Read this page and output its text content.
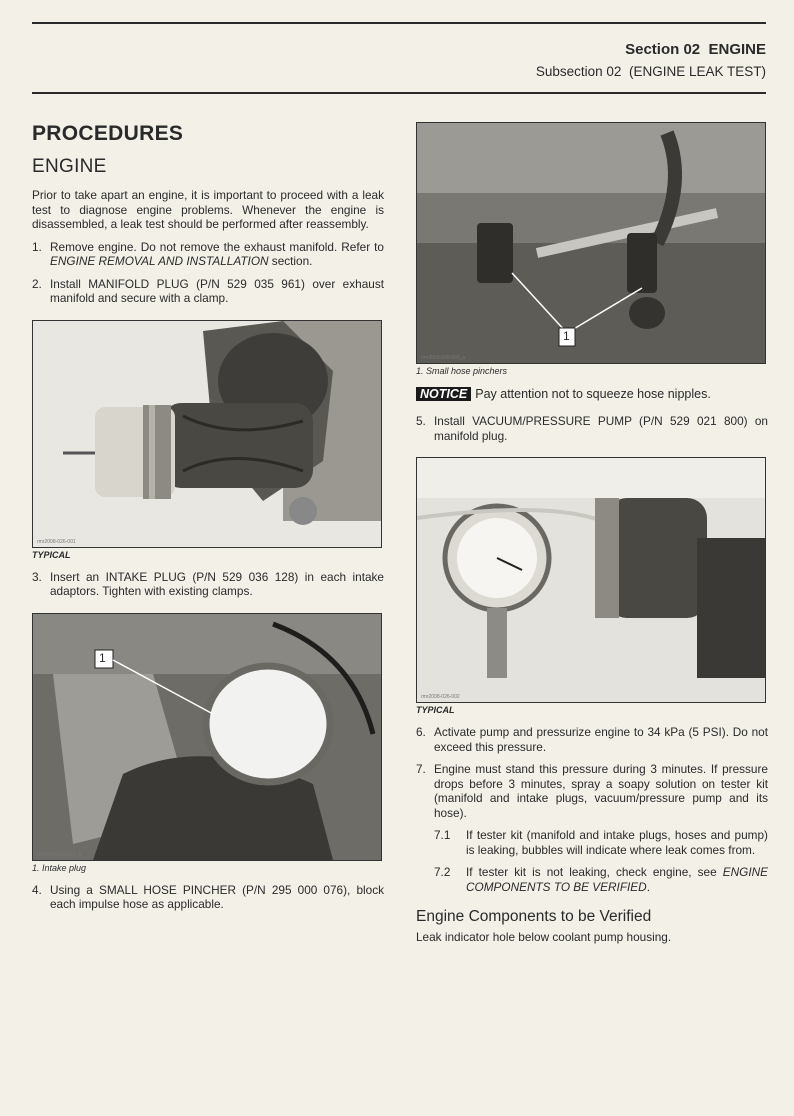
Section 02 ENGINE
Subsection 02 (ENGINE LEAK TEST)
PROCEDURES
ENGINE

Prior to take apart an engine, it is important to proceed with a leak test to diagnose engine problems. Whenever the engine is disassembled, a leak test should be performed after reassembly.

1. Remove engine. Do not remove the exhaust manifold. Refer to ENGINE REMOVAL AND INSTALLATION section.
2. Install MANIFOLD PLUG (P/N 529 035 961) over exhaust manifold and secure with a clamp.
rmr2008-026-001
TYPICAL
3. Insert an INTAKE PLUG (P/N 529 036 128) in each intake adaptors. Tighten with existing clamps.
1
rmr2008-026-021_a
1. Intake plug
4. Using a SMALL HOSE PINCHER (P/N 295 000 076), block each impulse hose as applicable.
1
rmr2008-026-003_a
1. Small hose pinchers
NOTICE Pay attention not to squeeze hose nipples.
5. Install VACUUM/PRESSURE PUMP (P/N 529 021 800) on manifold plug.
rmr2008-026-002
TYPICAL
6. Activate pump and pressurize engine to 34 kPa (5 PSI). Do not exceed this pressure.
7. Engine must stand this pressure during 3 minutes. If pressure drops before 3 minutes, spray a soapy solution on tester kit (manifold and intake plugs, vacuum/pressure pump and its hose).
7.1	If tester kit (manifold and intake plugs, hoses and pump) is leaking, bubbles will indicate where leak comes from.
7.2	If tester kit is not leaking, check engine, see ENGINE COMPONENTS TO BE VERIFIED.
Engine Components to be Verified

Leak indicator hole below coolant pump housing.
